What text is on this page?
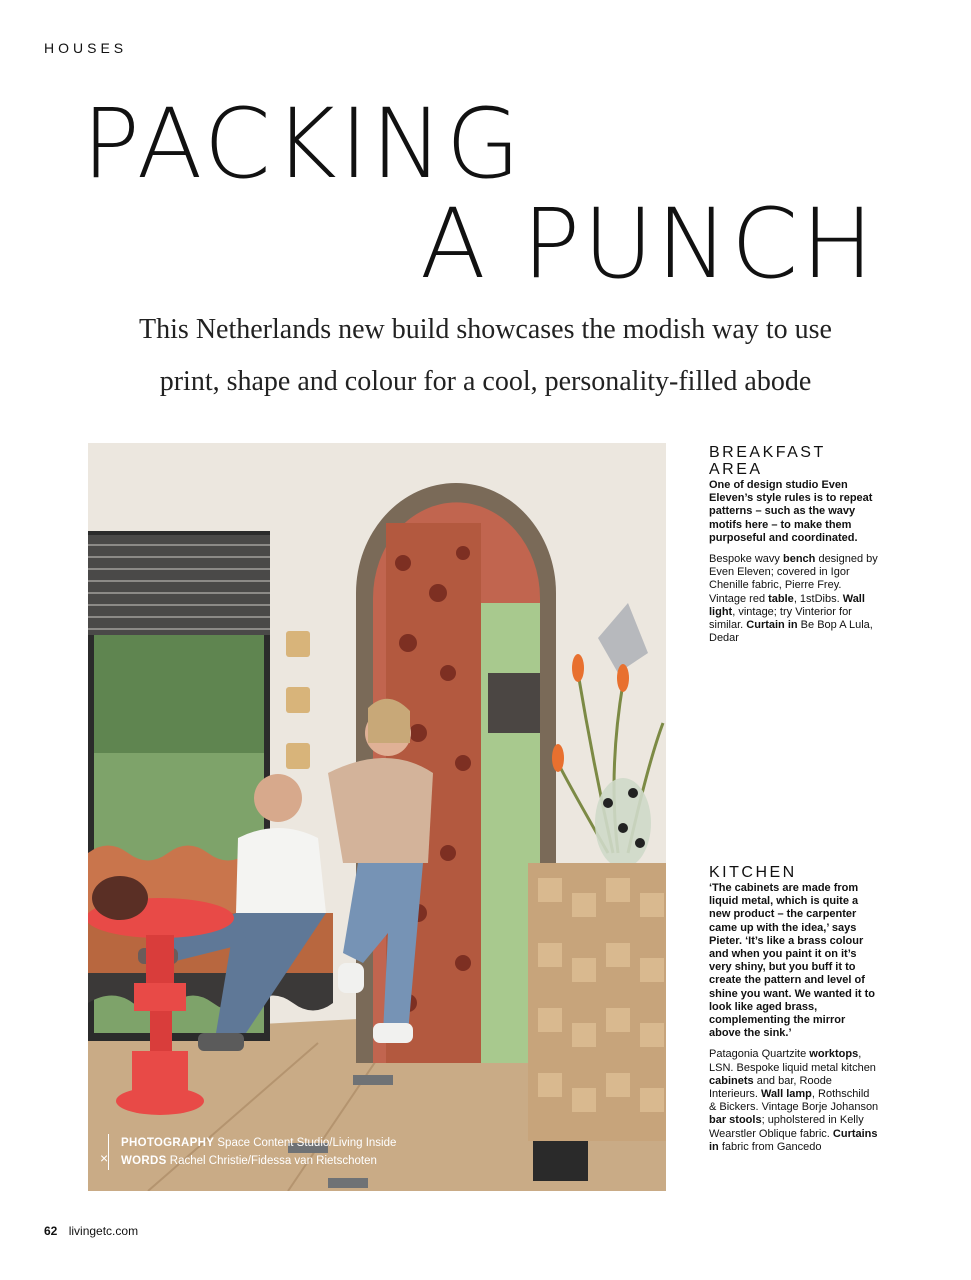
HOUSES
PACKING
A PUNCH
This Netherlands new build showcases the modish way to use
print, shape and colour for a cool, personality-filled abode
×
PHOTOGRAPHY Space Content Studio/Living Inside
WORDS Rachel Christie/Fidessa van Rietschoten
BREAKFAST
AREA
One of design studio Even Eleven’s style rules is to repeat patterns – such as the wavy motifs here – to make them purposeful and coordinated.
Bespoke wavy bench designed by Even Eleven; covered in Igor Chenille fabric, Pierre Frey. Vintage red table, 1stDibs. Wall light, vintage; try Vinterior for similar. Curtain in Be Bop A Lula, Dedar
KITCHEN
‘The cabinets are made from liquid metal, which is quite a new product – the carpenter came up with the idea,’ says Pieter. ‘It’s like a brass colour and when you paint it on it’s very shiny, but you buff it to create the pattern and level of shine you want. We wanted it to look like aged brass, complementing the mirror above the sink.’
Patagonia Quartzite worktops, LSN. Bespoke liquid metal kitchen cabinets and bar, Roode Interieurs. Wall lamp, Rothschild & Bickers. Vintage Borje Johanson bar stools; upholstered in Kelly Wearstler Oblique fabric. Curtains in fabric from Gancedo
62 livingetc.com
